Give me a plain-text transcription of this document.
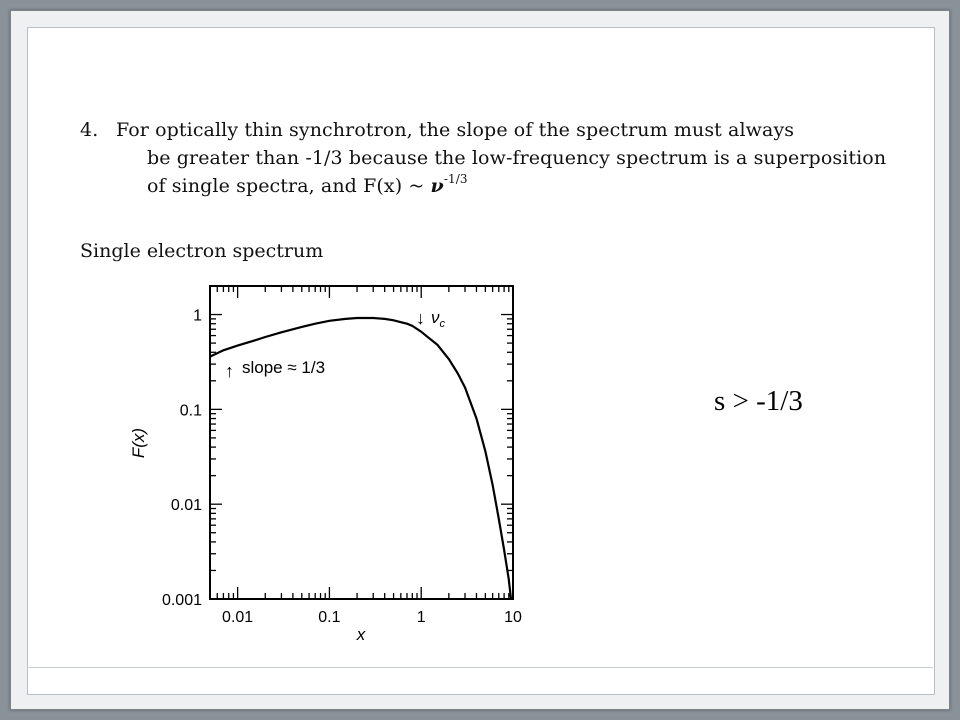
4. For optically thin synchrotron, the slope of the spectrum must always
be greater than -1/3 because the low-frequency spectrum is a superposition
of single spectra, and F(x) ~ $\nu^{-1/3}$
Single electron spectrum
s > -1/3
0.001
0.01
0.1
1
0.01	0.1	1	10
x
F(x)
↑ slope ≈ 1/3
↓ $\nu_c$
